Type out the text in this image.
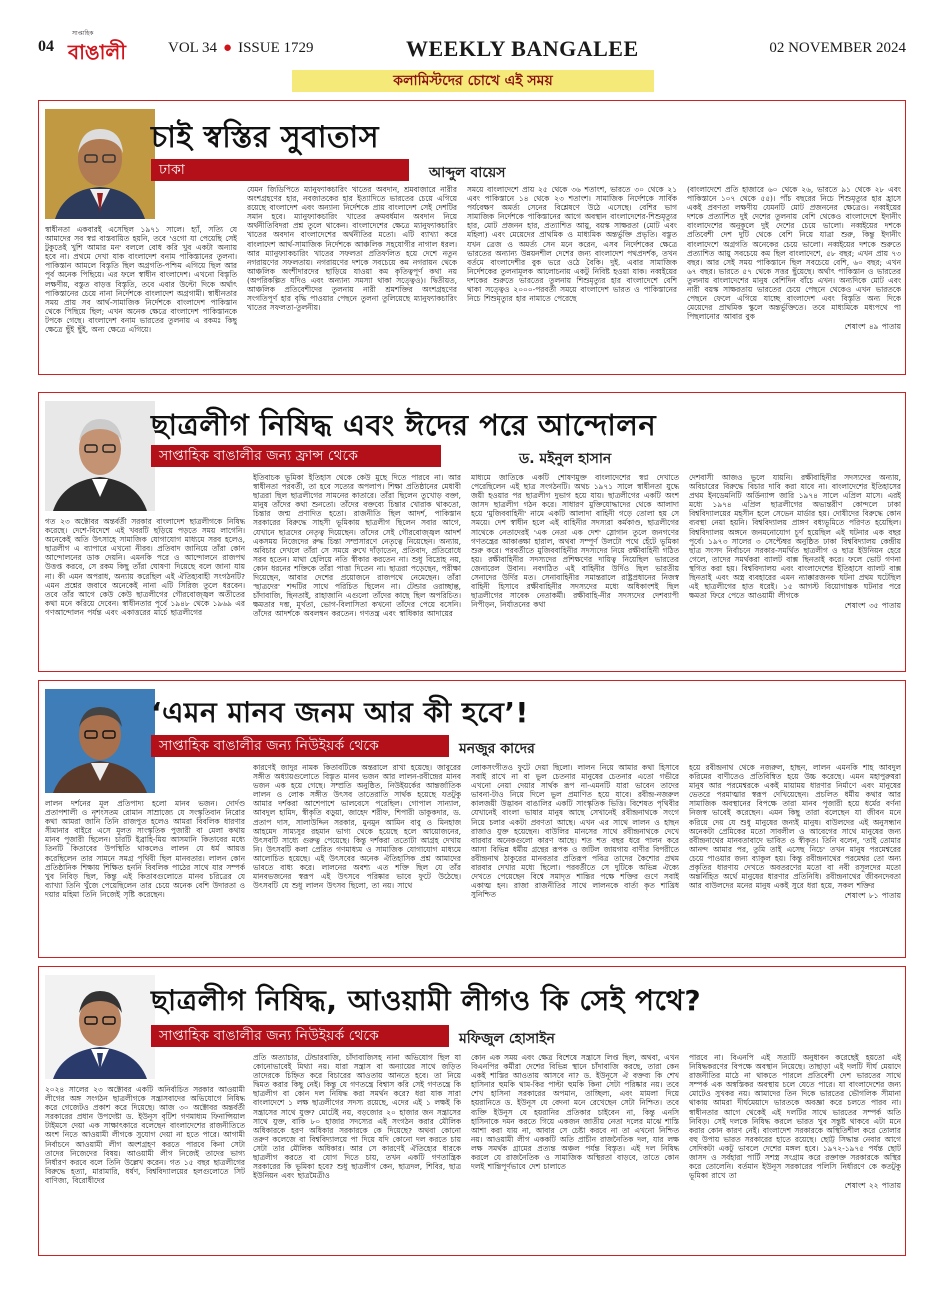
04
সাপ্তাহিক
বাঙালী	VOL 34 ● ISSUE 1729	WEEKLY BANGALEE	02 NOVEMBER 2024
কলামিস্টদের চোখে এই সময়
চাই স্বস্তির সুবাতাস
ঢাকা	আব্দুল বায়েস
স্বাধীনতা একবারই এসেছিল ১৯৭১ সালে। হ্যাঁ, সত্যি যে আমাদের সব স্বপ্ন বাস্তবায়িত হয়নি, তবে 'ওগো যা পেয়েছি সেই টুকুতেই খুশি আমার মন' বললে বোধ করি খুব একটা অন্যায় হবে না। প্রথমে দেখা যাক বাংলাদেশ বনাম পাকিস্তানের তুলনা। পাকিস্তান আমলে বিস্তৃতি ছিল অগ্রগতি-পশ্চিম এগিয়ে ছিল আর পূর্ব অনেক পিছিয়ে। এর ফলে স্বাধীন বাংলাদেশ। এখনো বিস্তৃতি লক্ষণীয়, বস্তুত বাড়ত্ত বিস্তৃতি, তবে এবার উল্টো দিকে অর্থাৎ পাকিস্তানের চেয়ে নানা নির্দেশকে বাংলাদেশ অগ্রগামী। স্বাধীনতার সময় প্রায় সব আর্থ-সামাজিক নির্দেশকে বাংলাদেশ পাকিস্তান থেকে পিছিয়ে ছিল; এখন অনেক ক্ষেত্রে বাংলাদেশ পাকিস্তানকে টপকে গেছে। বাংলাদেশ বনাম ভারতের তুলনায় এ রকমঃ কিছু ক্ষেত্রে ছুঁই ছুঁই, অন্য ক্ষেত্রে এগিয়ে।
যেমন জিডিপিতে ম্যানুফ্যাকচারিং খাতের অবদান, শ্রমবাজারে নারীর অংশগ্রহণের হার, নবজাতকের হার ইত্যাদিতে ভারতের চেয়ে এগিয়ে রয়েছে বাংলাদেশ এবং অন্যান্য নির্দেশকে প্রায় বাংলাদেশ সেই দেশটির সমান হবে। ম্যানুফ্যাকচারিং খাতের ক্রমবর্ধমান অবদান নিয়ে অর্থনীতিবিদরা প্রশ্ন তুলে থাকেন। বাংলাদেশের ক্ষেত্রে ম্যানুফ্যাকচারিং খাতের অবদান বাংলাদেশের অর্থনীতির মতো। এটি ব্যাখ্যা করে বাংলাদেশ আর্থ-সামাজিক নির্দেশকে আঞ্চলিক সহযোগীর নাগাল ধরল। আর ম্যানুফ্যাকচারিং খাতের সফলতা প্রতিফলিত হয়ে দেশে নতুন নগরায়ণের সফলতায়। নগরায়ণের দশকে সবচেয়ে কম নগরায়ন থেকে আঞ্চলিক অংশীদারদের ছাড়িয়ে যাওয়া কম কৃতিত্বপূর্ণ কথা নয় (অপরিকল্পিত যদিও এবং অন্যান্য সমস্যা থাকা সত্ত্বেও)। দ্বিতীয়ত, আঞ্চলিক প্রতিবেশীদের তুলনায় নারী শ্রমশক্তির অংশগ্রহণের সংগতিপূর্ণ হার বৃদ্ধি পাওয়ার পেছনে তুলনা তুলিয়েছে ম্যানুফ্যাকচারিং খাতের সফলতা-তুলনীয়।
সময়ে বাংলাদেশে প্রায় ২৫ থেকে ৩৬ শতাংশ, ভারতে ৩০ থেকে ২১ এবং পাকিস্তানে ১৪ থেকে ২৩ শতাংশ। সামাজিক নির্দেশকে সার্বিক পর্যবেক্ষণ অমর্ত্য সেনের বিশ্লেষণে উঠে এসেছে। বেশির ভাগ সামাজিক নির্দেশকে পাকিস্তানের আগে অবস্থান বাংলাদেশের-শিশুমৃত্যুর হার, মোট প্রজনন হার, প্রত্যাশিত আয়ু, বয়স্ক সাক্ষরতা (মোট এবং মহিলা) এবং মেয়েদের প্রাথমিক ও মাধ্যমিক অন্তর্ভুক্তি প্রভৃতি। বস্তুত যখন ত্রেজ ও অমর্ত্য সেন মনে করেন, এসব নির্দেশকের ক্ষেত্রে ভারতের অন্যান্য উন্নয়নশীল দেশের জন্য বাংলাদেশ পথপ্রদর্শক, তখন বর্তমে বাংলাদেশীর বুক ভরে ওঠে বৈকি। দুই. এবার সামাজিক নির্দেশকের তুলনামূলক আলোচনায় একটু নিবিষ্ট হওয়া যাক। নব্বইয়ের দশকের শুরুতে ভারতের তুলনায় শিশুমৃত্যুর হার বাংলাদেশে বেশি থাকা সত্ত্বেও ২০০০-পরবর্তী সময়ে বাংলাদেশ ভারত ও পাকিস্তানের নিচে শিশুমৃত্যুর হার নামাতে পেরেছে
(বাংলাদেশে প্রতি হাজারে ৬০ থেকে ২৬, ভারতে ৯১ থেকে ২৮ এবং পাকিস্তানে ১০৭ থেকে ৫৫)। পাঁচ বছরের নিচে শিশুমৃত্যুর হার হ্রাসে একই প্রবণতা লক্ষণীয় যেমনটি মোট প্রজননের ক্ষেত্রেও। নব্বইয়ের দশকে প্রত্যাশিত দুই দেশের তুলনায় বেশি থেকেও বাংলাদেশে ইদানীং বাংলাদেশের অনুকূলে দুই দেশের চেয়ে ভালো। নব্বইয়ের দশকে প্রতিবেশী দেশ দুটি থেকে বেশি নিয়ে যাত্রা শুরু, কিন্তু ইদানীং বাংলাদেশে অগ্রগতি অনেকের চেয়ে ভালো। নব্বইয়ের দশকে শুরুতে প্রত্যাশিত আয়ু সবচেয়ে কম ছিল বাংলাদেশে, ৫৮ বছর; এখন প্রায় ৭৩ বছর। আর সেই সময় পাকিস্তানে ছিল সবচেয়ে বেশি, ৬০ বছর; এখন ৬৭ বছর। ভারতে ৫৭ থেকে সত্তর ছুঁয়েছে। অর্থাৎ পাকিস্তান ও ভারতের তুলনায় বাংলাদেশের মানুষ বেশিদিন বাঁচে এখন। অন্যদিকে মোট এবং নারী বয়স্ক সাক্ষরতায় ভারতের চেয়ে পেছনে থেকেও এখন ভারতকে পেছনে ফেলে এগিয়ে যাচ্ছে বাংলাদেশ এবং বিস্তৃতি অন্য দিকে মেয়েদের প্রাথমিক স্কুলে অন্তর্ভুক্তিতে। তবে মাধ্যমিকে মধ্যপথে পা পিছলানোর আবার বুক
শেষাংশ ৪৯ পাতায়
ছাত্রলীগ নিষিদ্ধ এবং ঈদের পরে আন্দোলন
সাপ্তাহিক বাঙালীর জন্য ফ্রান্স থেকে	ড. মইনুল হাসান
গত ২৩ অক্টোবর অন্তর্বর্তী সরকার বাংলাদেশ ছাত্রলীগকে নিষিদ্ধ করেছে। দেশে-বিদেশে এই খবরটি ছড়িয়ে পড়তে সময় লাগেনি। অনেকেই অতি উৎসাহে সামাজিক যোগাযোগ মাধ্যমে সরব হলেও, ছাত্রলীগ এ ব্যাপারে এখনো নীরব। প্রতিবাদ জানিয়ে তাঁরা কোন আন্দোলনের ডাক দেয়নি। এমনকি পরে ও আন্দোলনে রাজপথ উত্তপ্ত করবে, সে রকম কিছু তাঁরা ঘোষণা দিয়েছে বলে জানা যায় না। কী এমন অপরাধ, অন্যায় করেছিল এই ঐতিহ্যবাহী সংগঠনটি? এমন প্রশ্নের জবাবে অনেকেই নানা এটি সিরিজ তুলে ধরবেন। তবে তাঁর আগে কেউ কেউ ছাত্রলীগের গৌরবোজ্জ্বল অতীতের কথা মনে করিয়ে দেবেন। স্বাধীনতার পূর্বে ১৯৪৮ থেকে ১৯৬৯ এর গণআন্দোলন পর্যন্ত এবং একাত্তরের মার্চে ছাত্রলীগের
ইতিবাচক ভূমিকা ইতিহাস থেকে কেউ মুছে দিতে পারবে না। আর স্বাধীনতা পরবর্তী, তা হবে সত্যের অপলাপ। শিক্ষা প্রতিষ্ঠানের মেধাবী ছাত্ররা ছিল ছাত্রলীগের সামনের কাতারে। তাঁরা ছিলেন তুখোড় বক্তা, মানুষ তাঁদের কথা শুনতো। তাঁদের বক্তব্যে চিন্তার খোরাক থাকতো, চিন্তার জন্ম প্রণাদিত হতো। রাজনীতি ছিল আদর্শ, পাকিস্তান সরকারের বিরুদ্ধে সাহসী ভূমিকায় ছাত্রলীগ ছিলেন সবার আগে, যেখানে ছাত্রদের নেতৃত্ব দিয়েছেন। তাঁদের সেই গৌরবোজ্জ্বল আদর্শ একসময় নিজেদের রুদ্ধ চিন্তা সম্প্রসারণে নেতৃত্বে নিয়েছেন। অন্যায়, অবিচার দেখলে তাঁরা সে সময়ে রুখে দাঁড়াতেন, প্রতিবাদ, প্রতিরোধে সরব হতেন। মাথা হেলিয়ে নতি স্বীকার করতেন না। শুধু বিদ্রোহ নয়, কোন ধরনের শক্তিকে তাঁরা পাত্তা দিতেন না। ছাত্ররা পড়েছেন, পরীক্ষা দিয়েছেন, আবার দেশের প্রয়োজনে রাজপথে নেমেছেন। তাঁরা 'ছাত্রদের' শব্দটির সাথে পরিচিত ছিলেন না। টেন্ডার ওরাচ্ছাল্ত, চাঁদাবাজি, ছিনতাই, রাহাজানি এগুলো তাঁদের কাছে ছিল অপরিচিত। ক্ষমতার দম্ভ, মূর্খতা, ভোগ-বিলাসিতা কখনো তাঁদের পেয়ে বসেনি। তাঁদের আদর্শকে অবলম্বন করতেন। গণতন্ত্র এবং স্বাধিকার আদায়ের
মাধ্যমে জাতিকে একটি শোষণমুক্ত বাংলাদেশের স্বপ্ন দেখাতে পেরেছিলেন এই ছাত্র সংগঠনটি। অথচ ১৯৭১ সালে স্বাধীনতা যুদ্ধে জয়ী হওয়ার পর ছাত্রলীগ দুভাগ হয়ে যায়। ছাত্রলীগের একটি অংশ জাসদ ছাত্রলীগ গঠন করে। সাধারণ মুক্তিযোদ্ধাদের থেকে আলাদা হয়ে 'মুজিববাহিনী' নামে একটি আলাদা বাহিনী গড়ে তোলা হয় সে সময়ে। দেশ স্বাধীন হলে এই বাহিনীর সদস্যরা কর্মকাণ্ড, ছাত্রলীগের সাথেকে নেতাদেরই 'এক নেতা এক দেশ' স্লোগান তুলে জনগণের গণতন্ত্রের আকাঙ্ক্ষা হারাল, অথবা সম্পূর্ণ উলটো পথে হেঁটে ভূমিকা শুরু করে। পরবর্তীতে মুজিববাহিনীর সদস্যদের নিয়ে রক্ষীবাহিনী গঠিত হয়। রক্ষীবাহিনীর সদস্যদের প্রশিক্ষণের দায়িত্ব নিয়েছিল ভারতের জেনারেল উবান। নবগঠিত এই বাহিনীর উর্দিও ছিল ভারতীয় সেনাদের উর্দির মত। সেনাবাহিনীর সমান্তরালে রাষ্ট্রপ্রধানের নিজস্ব বাহিনী হিসাবে রক্ষীবাহিনীর সদস্যদের মধ্যে অধিকাংশই ছিল ছাত্রলীগের সাবেক নেতাকর্মী। রক্ষীবাহি-নীর সদস্যদের দেশব্যাপী নিপীড়ন, নির্যাতনের কথা
দেশবাসী আজও ভুলে যায়নি। রক্ষীবাহিনীর সদস্যদের অন্যায়, অবিচারের বিরুদ্ধে বিচার দাবি করা যাবে না। বাংলাদেশের ইতিহাসের প্রথম ইনডেমনিটি অর্ডিন্যান্স জারি ১৯৭৪ সালে এপ্রিল মাসে। এরই মধ্যে ১৯৭৪ এপ্রিল ছাত্রলীগের অভ্যন্তরীণ কোন্দলে ঢাকা বিশ্ববিদ্যালয়ের মহসীন হলে সেভেন মার্ডার হয়। দোষীদের বিরুদ্ধে কোন ব্যবস্থা নেয়া হয়নি। বিশ্ববিদ্যালয় প্রাঙ্গণ বধ্যভূমিতে পরিণত হয়েছিল। বিশ্ববিদ্যালয় অঙ্গনে জনমনোযোগ চূর্ণ হয়েছিল এই ঘটনার এক বছর পূর্বে। ১৯৭৩ সালের ৩ সেপ্টেম্বর অনুষ্ঠিত ঢাকা বিশ্ববিদ্যালয় কেন্দ্রীয় ছাত্র সংসদ নির্বাচনে সরকার-সমর্থিত ছাত্রলীগ ও ছাত্র ইউনিয়ন হেরে গেলে, তাদের সমর্থকরা ব্যালট বাক্স ছিনতাই করে। ফলে ভোট গণনা স্থগিত করা হয়। বিশ্ববিদ্যালয় এবং বাংলাদেশের ইতিহাসে ব্যালট বাক্স ছিনতাই এবং অস্ত্র ব্যবহারের এমন ন্যাক্কারজনক ঘটনা প্রথম ঘটেছিল এই ছাত্রলীগের হাত ধরেই। ১৫ আগস্ট বিয়োগান্তক ঘটনার পরে ক্ষমতা ফিরে পেতে আওয়ামী লীগকে
শেষাংশ ৩৫ পাতায়
‘এমন মানব জনম আর কী হবে’!
সাপ্তাহিক বাঙালীর জন্য নিউইয়র্ক থেকে	মনজুর কাদের
লালন দর্শনের মূল প্রতিপাদ্য হলো মানব ভজন। দোর্দণ্ড প্রতাপশালী ও নৃশংসতম রোমান সাম্রাজ্যে যে সংস্কৃতিবান নিরোর কথা আমরা জানি তিনি রাজপুত হলেও আমরা বিবলিক ধারণার সীমানার বাইরে এসে মূলত সাংস্কৃতিক পুজারী বা মেলা কথায় মানব পূজারী ছিলেন। চারটি ইব্রাহি-মিয় আসমানি কিতাবের মধ্যে তিনটি কিতাবের উপস্থিতি থাকলেও লালন যে ধর্ম আয়ত্ত করেছিলেন তার সামনে সমগ্র পৃথিবী ছিল মানবতার। লালন কোন প্রতিষ্ঠানিক শিক্ষায় শিক্ষিত হননি বিবলিক পাঠের সাথে যার সম্পর্ক খুব নিবিড় ছিল, কিন্তু এই কিতাবগুলোতে মানব চরিত্রের যে ব্যাখ্যা তিনি খুঁজে পেয়েছিলেন তার চেয়ে অনেক বেশি উদারতা ও দয়ার মহিমা তিনি নিজেই সৃষ্টি করেছেন।
কারণেই জাদুর নামক কিতাবটিকে অন্তরালে রাখা হয়েছে। জাবুরের সঙ্গীত অধ্যায়গুলোতে বিস্তৃত মানব ভজন আর লালন-রবীন্দ্রের মানব ভজন এক হয়ে গেছে। সম্প্রতি অনুষ্ঠিত, নিউইয়র্কের আন্তর্জাতিক লালন ও লোক সঙ্গীত উৎসব তাতেরাতি সার্থক হয়েছে যতটুকু আমার দর্শকরা আশেপাশে ভালবেসে পরেছিল। গোপাল সান্যাল, আবদুল হামিদ, স্বীকৃতি বড়ুয়া, জাহেদ শরীফ, শিপারী ডাকুকদার, ড. প্রতাপ দাস, সালাউদ্দিন সরকার, মুনমুন আমিন বাবু ও মিনহাজ আহমেদ সাম্যসুর রহমান ভাগ্য থেকে হয়েছে হলে আয়োজনের, উৎসবটি সাধ্যে গুরুত্ব পেয়েছে। কিন্তু দর্শকরা ততোটা আগ্রহ দেখায় নি। উৎসবটি কলা প্রেরিত গণমাধ্যম ও সামাজিক যোগাযোগ মাধ্যমে আলোচিত হয়েছে। এই উৎসবের অনেক ঐতিহাসিক প্রশ্ন আমাদের ভাবতে বাধ্য করে। লালনের অবশ্য এত শক্তি ছিল যে তাঁর মানবভজনের স্বরূপ এই উৎসবে পরিষ্কার ভাবে ফুটে উঠেছে। উৎসবটি যে শুধু লালন উৎসব ছিলো, তা নয়। সাথে
লোকসংগীতও ফুটে দেয়া ছিলো। লালন নিয়ে আমার কথা হিসাবে সবাই রাখে না বা ভুল চেতনার মানুষের চেতনার এতো গভীরে এখনো নেয়া দেয়ার সার্থক রূপ না-এমনটি যারা ভাবেন তাদের ভাবনা-টাও নিয়ে দিলে ভুল প্রমাণিত হয়ে যাবে। রবীন্দ্র-নজরুল কালজয়ী উদ্ভাবন বাঙালির একটি সাংস্কৃতিক ভিত্তি। বিশেষত পৃথিবীর যেখানেই বাংলা ভাষার মানুষ আছে সেখানেই রবীন্দ্রনাথকে সংগে নিয়ে চলার একটা প্রবণতা আছে। এখন এর সাথে লালন ও হাছন রাজাও যুক্ত হয়েছেন। বাউলির মানসের সাথে রবীন্দ্রনাথকে দেখে বারবার অনেকগুলো কারণ আছে। শত শত বছর ধরে পালন করে আসা বিভিন্ন ধর্মীয় গ্রন্থের রূপক ও জটিল জায়গায় বাণীর বিপরীতে রবীন্দ্রনাথ ঠাকুরের মানবতার প্রতিরূপ পবিত্র তাদের কৈশোর প্রথম বারবার দেখার মধ্যে ছিলো। পরবর্তীতে সে দুটিকে অভিন্ন ঐক্যে দেখতে পেয়েছেন বিশ্বে সমাদৃত শান্তির পক্ষে শক্তির গুণে সবাই একাত্ম হন। রাজা রাজনীতির সাথে লালনকে বার্তা কৃত শাখ্রিধ সুনিশ্চিত
হয়ে রবীন্দ্রনাথ থেকে নজরুল, হাছন, লালন এমনকি শাহ আবদুল করিমের বাণীতেও প্রতিবিম্বিত হয়ে উচ্চ করেছে। এমন মহাপুরুষরা মানুষ আর পরমেশ্বরকে একই মায়াময় ধারণার নির্মাণে এবং মানুষের ভেতরে পরমাত্মার স্বরূপ দেখিয়েছেন। প্রচলিত ধর্মীয় কথার আর সামাজিক অবস্থানের বিপক্ষে তারা মানব পূজারী হয়ে ধর্মের বর্ণনা নিজস্ব ভাবেই করেছেন। এমন কিছু তারা বলেছেন যা জীবন মনে করিয়ে দেয় যে শুধু মানুষের জন্যই মানুষ। বাউলদের এই অনুসন্ধান অনেকটা প্রেমিকের মতো সাবলীল ও আবেগের সাথে মানুষের জন্য রবীন্দ্রনাথের মানবতাবাদে ভাবিত ও স্বীকৃত। তিনি বলেন, 'তাই তোমার আনন্দ আমার পর, তুমি তাই এসেছ নিচে' তখন মানুষ পরমেশ্বরের চেয়ে পাওয়ার জন্য ব্যাকুল হয়। কিন্তু রবীন্দ্রনাথের পরমেশ্বর তো অন্য প্রকৃতির ধারণায় দেখতে অবতরণের মতো বা নবী রসূলদের মতো অন্তর্নিহিত অর্থে মানুষের ধারণার প্রতিনিধি। রবীন্দ্রনাথের জীবনদেবতা আর বাউলদের মনের মানুষ একই সুরে ধরা হয়ে, সকল শক্তির
শেষাংশ ৮১ পাতায়
ছাত্রলীগ নিষিদ্ধ, আওয়ামী লীগও কি সেই পথে?
সাপ্তাহিক বাঙালীর জন্য নিউইয়র্ক থেকে	মফিজুল হোসাইন
২০২৪ সালের ২৩ অক্টোবর একটি অনির্বাচিত সরকার আওয়ামী লীগের অঙ্গ সংগঠন ছাত্রলীগকে সন্ত্রাসবাদের অভিযোগে নিষিদ্ধ করে গেজেটও প্রকাশ করে দিয়েছে। আজ ৩০ অক্টোবর অন্তর্বর্তী সরকারের প্রধান উপদেষ্টা ড. ইউনূস বৃটিশ গণমাধ্যম ফিনান্সিয়াল টাইমসে দেয়া এক সাক্ষাৎকারে বলেছেন বাংলাদেশের রাজনীতিতে অংশ নিতে আওয়ামী লীগকে সুযোগ দেয়া না হতে পারে। আগামী নির্বাচনে আওয়ামী লীগ অংশগ্রহণ করতে পারবে কিনা সেটা তাদের নিজেদের বিষয়। আওয়ামী লীগ নিজেই তাদের ভাগ্য নির্ধারণ করবে বলে তিনি উল্লেখ করেন। গত ১৫ বছর ছাত্রলীগের বিরুদ্ধে হত্যা, মারামারি, ধর্ষণ, বিশ্ববিদ্যালয়ের হলগুলোতে সিট বাণিজ্য, বিরোধীদের
প্রতি অত্যাচার, টেন্ডারবাজি, চাঁদাবাজিসহ নানা অভিযোগ ছিল যা কোনোভাবেই মিথ্যা নয়। যারা সন্ত্রাস বা অন্যায়ের সাথে জড়িত তাদেরকে চিহ্নিত করে বিচারের আওতায় আনতে হবে। তা নিয়ে দ্বিমত করার কিছু নেই। কিন্তু যে গণতন্ত্রে বিশ্বাস করি সেই গণতন্ত্রে কি ছাত্রলীগ বা কোন দল নিষিদ্ধ করা সমর্থন করে? ধরা যাক সারা বাংলাদেশে ১ লক্ষ ছাত্রলীগের সদস্য রয়েছে, এদের এই ১ লক্ষই কি সন্ত্রাসের সাথে যুক্ত? মোটেই নয়, বড়জোর ২০ হাজার জন সন্ত্রাসের সাথে যুক্ত, বাকি ৮০ হাজার সদস্যের এই সংগঠন করার মৌলিক অধিকারকে হরণ অধিকার সরকারকে কে দিয়েছে? অথবা কোনো তরুণ কলেজে বা বিশ্ববিদ্যালয়ে পা দিয়ে যদি কোনো দল করতে চায় সেটা তার মৌলিক অধিকার। আর সে কারণেই ঐতিহ্যের ধারকে ছাত্রলীগ করতে বা যোগ দিতে চায়, তখন একটি গণতান্ত্রিক সরকারের কি ভূমিকা হবে? শুধু ছাত্রলীগ কেন, ছাত্রদল, শিবির, ছাত্র ইউনিয়ন এবং ছাত্রমৈত্রীও
কোন এক সময় এবং ক্ষেত্র বিশেষে সন্ত্রাসে লিপ্ত ছিল, অথবা, এখন বিএনপির কর্মীরা দেশের বিভিন্ন স্থানে চাঁদাবাজি করছে, তারা কেন একই শাস্তির আওতায় আসবে না? ড. ইউনূসে ঐ বক্তব্য কি শেখ হাসিনার হুমকি থাম-কির পাল্টা হুমকি কিনা সেটা পরিষ্কার নয়। তবে শেখ হাসিনা সরকারের অপমান, তাচ্ছিল্য, এবং মামলা দিয়ে হয়রানিতে ড. ইউনূস যে বেদনা মনে রেখেছেন সেটা নিশ্চিত। তবে ব্যক্তি ইউনূস যে হয়রানির প্রতিকার চাইবেন না, কিন্তু এনসি হাসিনাকে দমন করতে গিয়ে একজন জাতীয় নেতা দলের মাঝে শাস্তি আশা করা যায় না, আবার সে চেষ্টা করবে না তা এখনো নিশ্চিত নয়। আওয়ামী লীগ এককটি অতি প্রাচীন রাজনৈতিক দল, যার লক্ষ লক্ষ সমর্থক গ্রামের প্রত্যন্ত অঞ্চল পর্যন্ত বিস্তৃত। এই দল নিষিদ্ধ করলে যে রাজনৈতিক ও সামাজিক অস্থিরতা বাড়বে, তাতে কোন দলই শান্তিপূর্ণভাবে দেশ চালাতে
পারবে না। বিএনপি এই সত্যটি অনুধাবন করেছেই হয়তো এই নিষিদ্ধকরণের বিপক্ষে অবস্থান নিয়েছে। তাছাড়া এই দলটি দীর্ঘ মেয়াদে রাজনীতির মাঠে না থাকতে পারলে প্রতিবেশী দেশ ভারতের সাথে সম্পর্ক এক অস্বস্তিকর অবস্থায় চলে যেতে পারে। যা বাংলাদেশের জন্য মোটেও সুখকর নয়। আমাদের তিন দিকে ভারতের ভৌগলিক সীমানা থাকায় আমরা দীর্ঘমেয়াদে ভারতকে অবজ্ঞা করে চলতে পারব না। স্বাধীনতার আগে থেকেই এই দলটির সাথে ভারতের সম্পর্ক অতি নিবিড়। সেই দলকে নিষিদ্ধ করলে ভারত খুব সন্তুষ্ট থাকবে এটা মনে করার কোন কারণ নেই। বাংলাদেশ সরকারকে অস্থিতিশীল করে তোলার বহু উপায় ভারত সরকারের হাতে রয়েছে। ছোট্ট সিদ্ধান্ত নেবার আগে সেদিকটা একটু ভাবলে দেশের মঙ্গল হবে। ১৯৭২-১৯৭৫ পর্যন্ত ছোট জাসদ ও সর্বহারা পার্টি সশস্ত্র সংগ্রাম করে রক্তাক্ত সরকারকে অস্থির করে তোলেনি। বর্তমান ইউনূস সরকারের পলিসি নির্ধারণে কে কতটুকু ভূমিকা রাখে তা
শেষাংশ ২২ পাতায়
